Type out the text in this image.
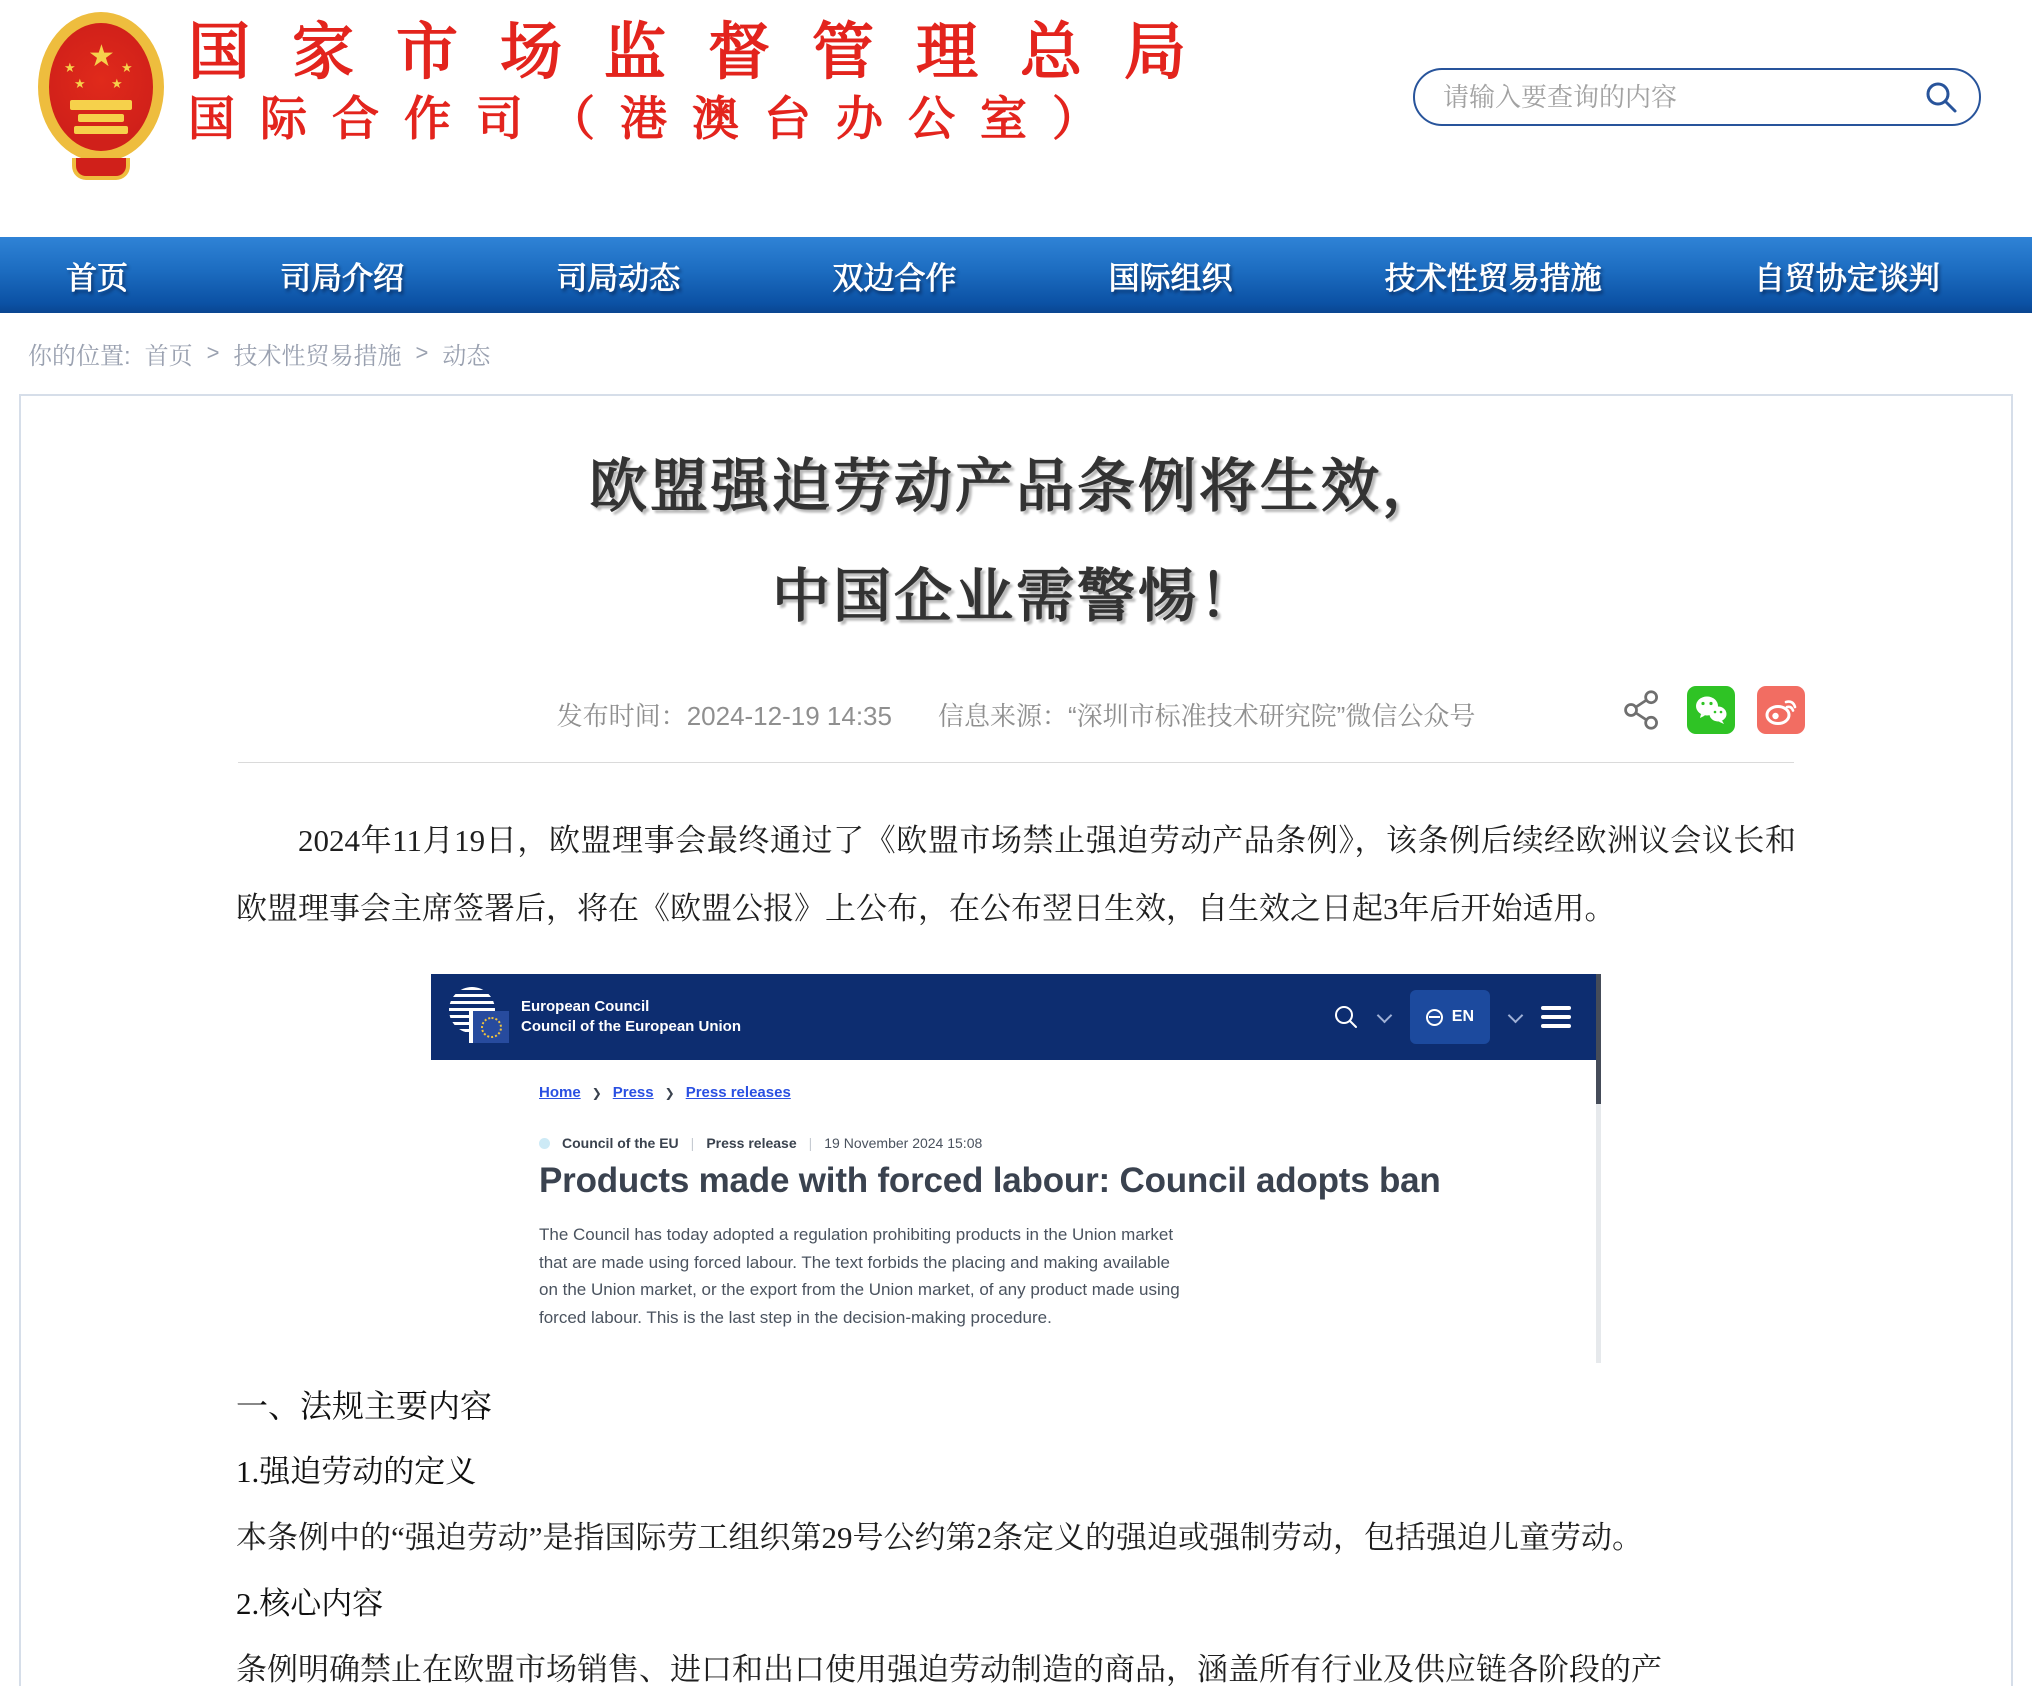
★
★	★
★ ★ 国家市场监督管理总局
国际合作司（港澳台办公室）
请输入要查询的内容
首页	司局介绍	司局动态	双边合作	国际组织	技术性贸易措施	自贸协定谈判
你的位置: 首页 > 技术性贸易措施 > 动态
欧盟强迫劳动产品条例将生效，
中国企业需警惕！
发布时间：2024-12-19 14:35 信息来源：“深圳市标准技术研究院”微信公众号

2024年11月19日，欧盟理事会最终通过了《欧盟市场禁止强迫劳动产品条例》，该条例后续经欧洲议会议长和欧盟理事会主席签署后，将在《欧盟公报》上公布，在公布翌日生效，自生效之日起3年后开始适用。

European Council
Council of the European Union
EN
Home ❯ Press ❯ Press releases
Council of the EU | Press release | 19 November 2024 15:08
Products made with forced labour: Council adopts ban
The Council has today adopted a regulation prohibiting products in the Union market that are made using forced labour. The text forbids the placing and making available on the Union market, or the export from the Union market, of any product made using forced labour. This is the last step in the decision-making procedure.
一、法规主要内容
1.强迫劳动的定义
本条例中的“强迫劳动”是指国际劳工组织第29号公约第2条定义的强迫或强制劳动，包括强迫儿童劳动。
2.核心内容
条例明确禁止在欧盟市场销售、进口和出口使用强迫劳动制造的商品，涵盖所有行业及供应链各阶段的产
